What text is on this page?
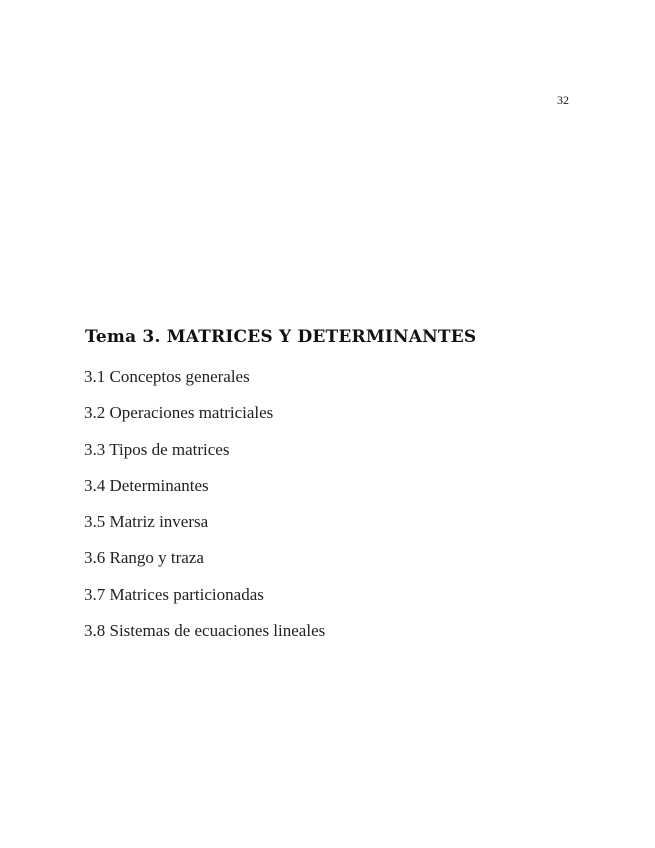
32
Tema 3. MATRICES Y DETERMINANTES
3.1 Conceptos generales
3.2 Operaciones matriciales
3.3 Tipos de matrices
3.4 Determinantes
3.5 Matriz inversa
3.6 Rango y traza
3.7 Matrices particionadas
3.8 Sistemas de ecuaciones lineales
